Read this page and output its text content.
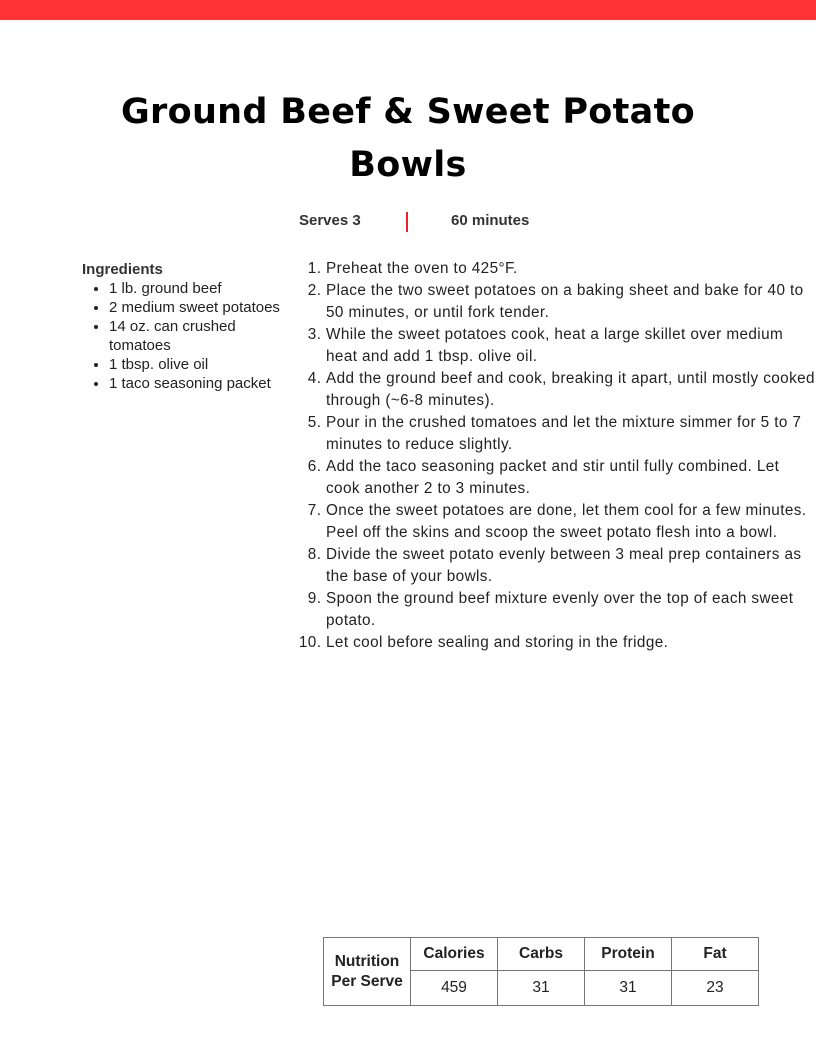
Ground Beef & Sweet Potato Bowls
Serves 3	60 minutes
Ingredients
• 1 lb. ground beef
• 2 medium sweet potatoes
• 14 oz. can crushed tomatoes
• 1 tbsp. olive oil
• 1 taco seasoning packet
1. Preheat the oven to 425°F.
2. Place the two sweet potatoes on a baking sheet and bake for 40 to 50 minutes, or until fork tender.
3. While the sweet potatoes cook, heat a large skillet over medium heat and add 1 tbsp. olive oil.
4. Add the ground beef and cook, breaking it apart, until mostly cooked through (~6-8 minutes).
5. Pour in the crushed tomatoes and let the mixture simmer for 5 to 7 minutes to reduce slightly.
6. Add the taco seasoning packet and stir until fully combined. Let cook another 2 to 3 minutes.
7. Once the sweet potatoes are done, let them cool for a few minutes. Peel off the skins and scoop the sweet potato flesh into a bowl.
8. Divide the sweet potato evenly between 3 meal prep containers as the base of your bowls.
9. Spoon the ground beef mixture evenly over the top of each sweet potato.
10. Let cool before sealing and storing in the fridge.
Nutrition
Per Serve	Calories	Carbs	Protein	Fat
	459	31	31	23
